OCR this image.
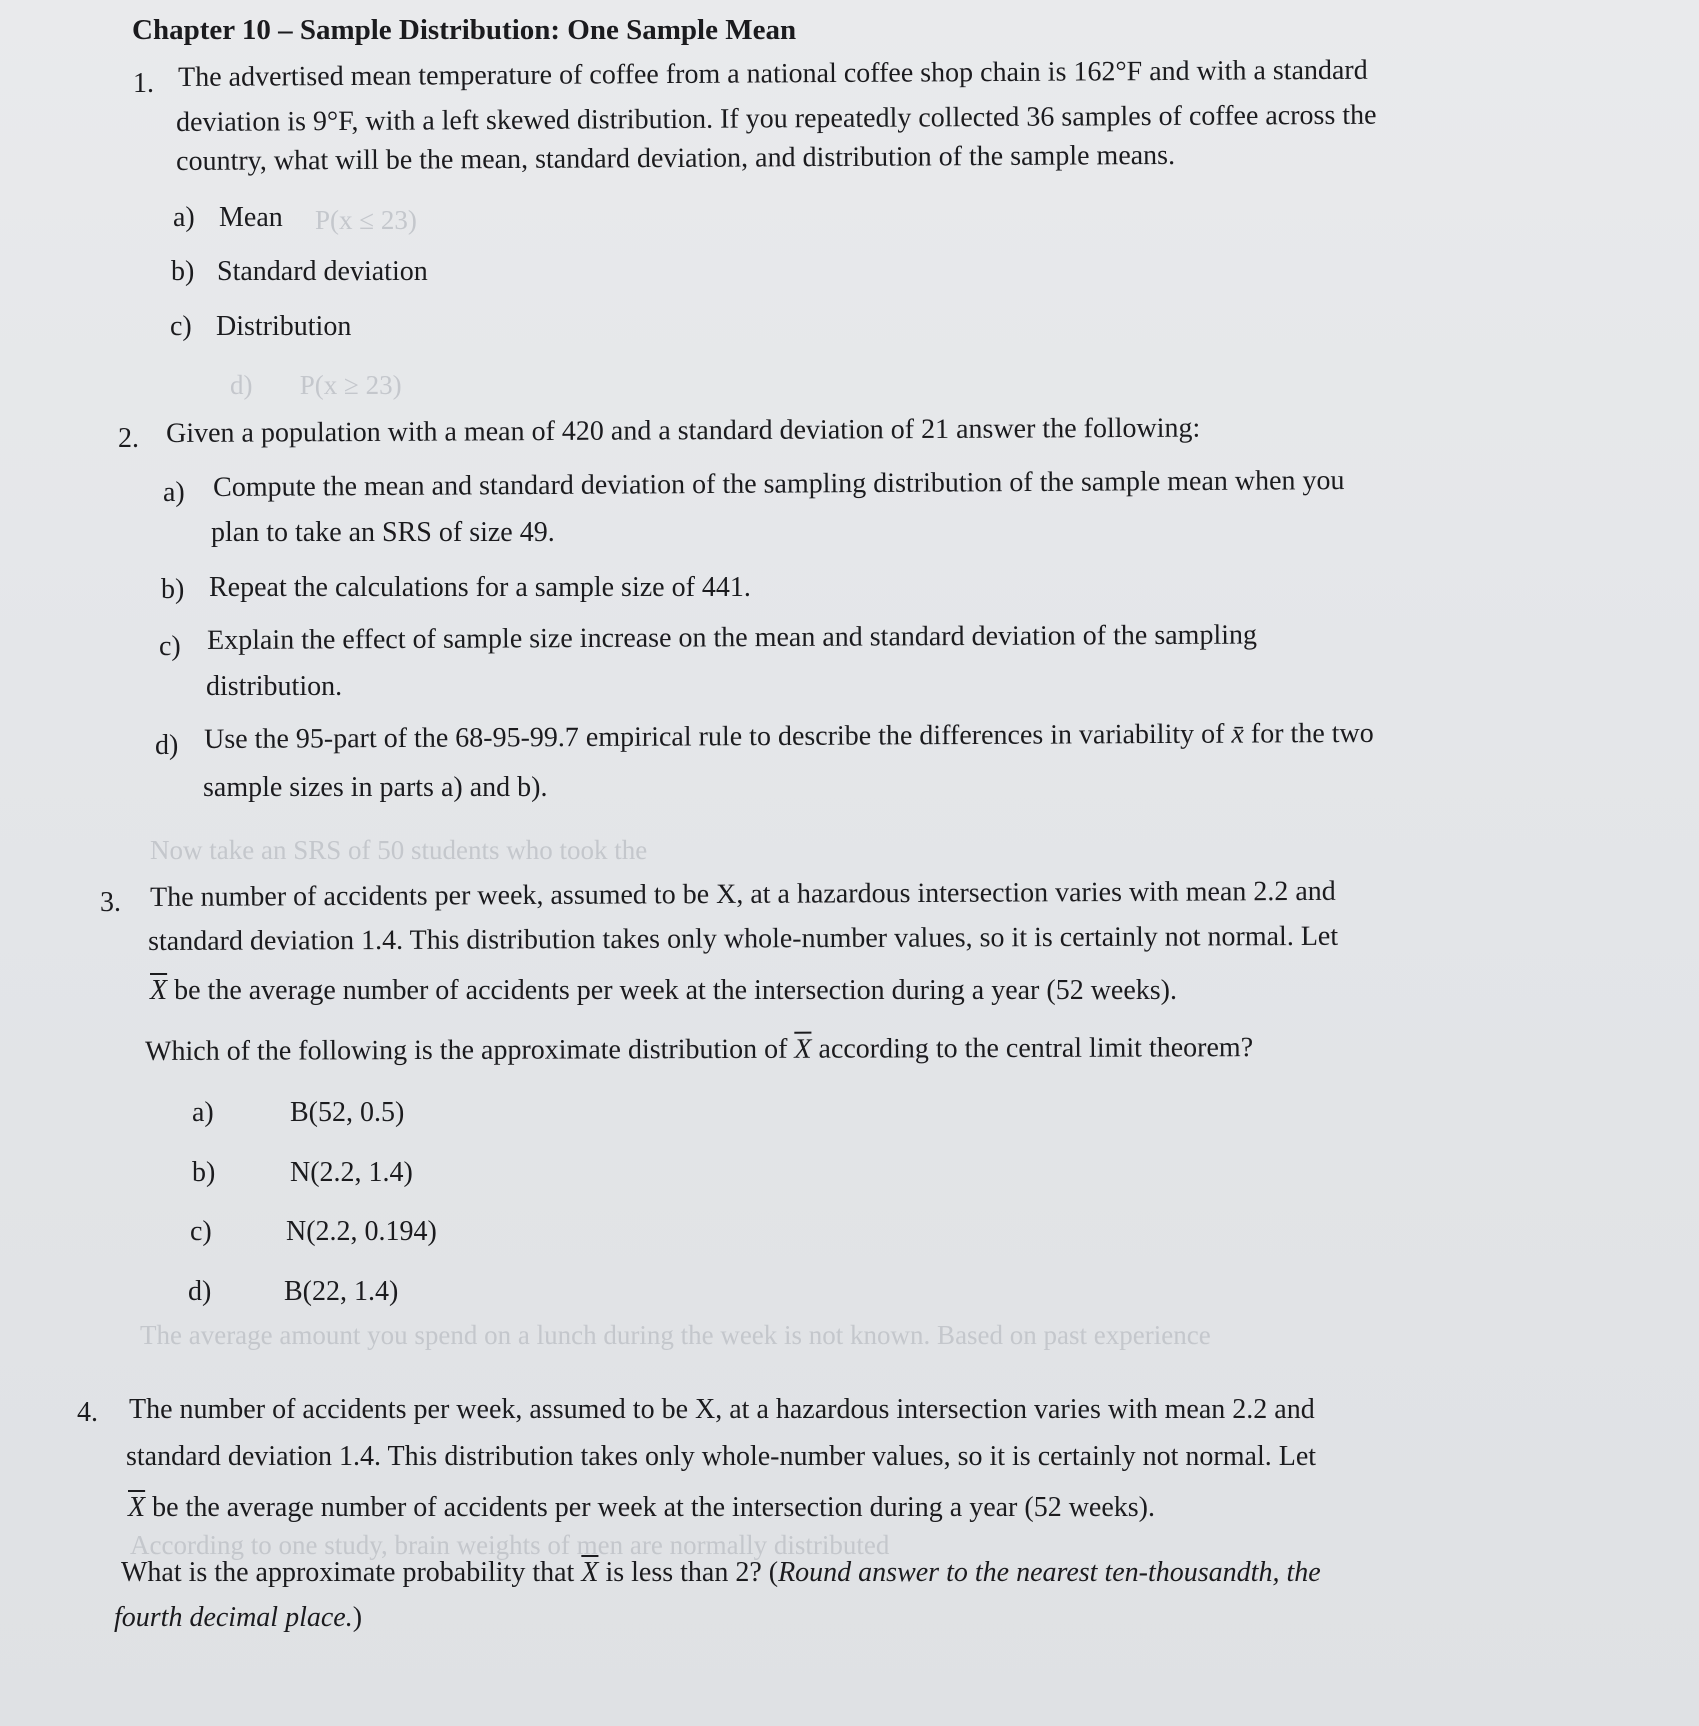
P(x ≤ 23)
d)       P(x ≥ 23)
Now take an SRS of 50 students who took the
The average amount you spend on a lunch during the week is not known. Based on past experience
According to one study, brain weights of men are normally distributed
Chapter 10 – Sample Distribution: One Sample Mean
1. The advertised mean temperature of coffee from a national coffee shop chain is 162°F and with a standard
deviation is 9°F, with a left skewed distribution. If you repeatedly collected 36 samples of coffee across the
country, what will be the mean, standard deviation, and distribution of the sample means.
a) Mean
b) Standard deviation
c) Distribution
2. Given a population with a mean of 420 and a standard deviation of 21 answer the following:
a) Compute the mean and standard deviation of the sampling distribution of the sample mean when you
plan to take an SRS of size 49.
b) Repeat the calculations for a sample size of 441.
c) Explain the effect of sample size increase on the mean and standard deviation of the sampling
distribution.
d) Use the 95-part of the 68-95-99.7 empirical rule to describe the differences in variability of x̄ for the two
sample sizes in parts a) and b).
3. The number of accidents per week, assumed to be X, at a hazardous intersection varies with mean 2.2 and
standard deviation 1.4. This distribution takes only whole-number values, so it is certainly not normal. Let
$\overline{X}$ be the average number of accidents per week at the intersection during a year (52 weeks).
Which of the following is the approximate distribution of $\overline{X}$ according to the central limit theorem?
a)	B(52, 0.5)
b)	N(2.2, 1.4)
c)	N(2.2, 0.194)
d)	B(22, 1.4)
4. The number of accidents per week, assumed to be X, at a hazardous intersection varies with mean 2.2 and
standard deviation 1.4. This distribution takes only whole-number values, so it is certainly not normal. Let
$\overline{X}$ be the average number of accidents per week at the intersection during a year (52 weeks).
What is the approximate probability that $\overline{X}$ is less than 2? (Round answer to the nearest ten-thousandth, the
fourth decimal place.)
